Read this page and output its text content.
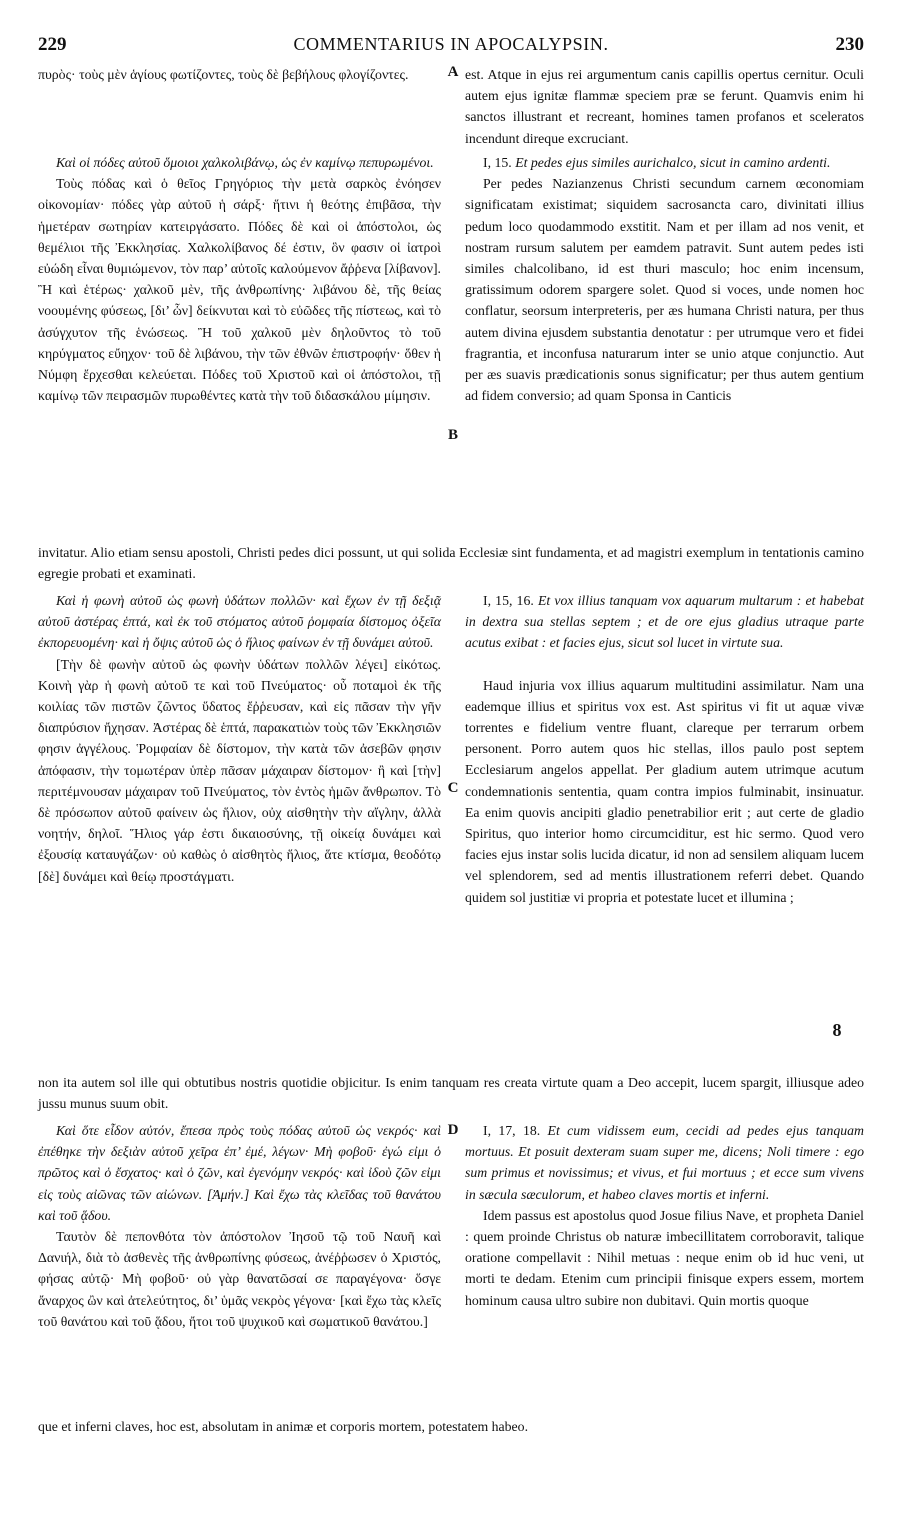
229	COMMENTARIUS IN APOCALYPSIN.	230

πυρὸς· τοὺς μὲν ἁγίους φωτίζοντες, τοὺς δὲ βεβήλους φλογίζοντες.	A est. Atque in ejus rei argumentum canis capillis opertus cernitur. Oculi autem ejus ignitæ flammæ speciem præ se ferunt. Quamvis enim hi sanctos illustrant et recreant, homines tamen profanos et sceleratos incendunt direque excruciant.

Καὶ οἱ πόδες αὐτοῦ ὅμοιοι χαλκολιβάνῳ, ὡς ἐν καμίνῳ πεπυρωμένοι.

Τοὺς πόδας καὶ ὁ θεῖος Γρηγόριος τὴν μετὰ σαρκὸς ἐνόησεν οἰκονομίαν· πόδες γὰρ αὐτοῦ ἡ σάρξ· ἥτινι ἡ θεότης ἐπιβᾶσα, τὴν ἡμετέραν σωτηρίαν κατειργάσατο. Πόδες δὲ καὶ οἱ ἀπόστολοι, ὡς θεμέλιοι τῆς Ἐκκλησίας. Χαλκολίβανος δέ ἐστιν, ὃν φασιν οἱ ἰατροὶ εὐώδη εἶναι θυμιώμενον, τὸν παρ’ αὐτοῖς καλούμενον ἄῤῥενα [λίβανον]. Ἢ καὶ ἑτέρως· χαλκοῦ μὲν, τῆς ἀνθρωπίνης· λιβάνου δὲ, τῆς θείας νοουμένης φύσεως, [δι’ ὧν] δείκνυται καὶ τὸ εὐῶδες τῆς πίστεως, καὶ τὸ ἀσύγχυτον τῆς ἑνώσεως. Ἢ τοῦ χαλκοῦ μὲν δηλοῦντος τὸ τοῦ κηρύγματος εὔηχον· τοῦ δὲ λιβάνου, τὴν τῶν ἐθνῶν ἐπιστροφήν· ὅθεν ἡ Νύμφη ἔρχεσθαι κελεύεται. Πόδες τοῦ Χριστοῦ καὶ οἱ ἀπόστολοι, τῇ καμίνῳ τῶν πειρασμῶν πυρωθέντες κατὰ τὴν τοῦ διδασκάλου μίμησιν.

B

I, 15. Et pedes ejus similes aurichalco, sicut in camino ardenti.

Per pedes Nazianzenus Christi secundum carnem œconomiam significatam existimat; siquidem sacrosancta caro, divinitati illius pedum loco quodammodo exstitit. Nam et per illam ad nos venit, et nostram rursum salutem per eamdem patravit. Sunt autem pedes isti similes chalcolibano, id est thuri masculo; hoc enim incensum, gratissimum odorem spargere solet. Quod si voces, unde nomen hoc conflatur, seorsum interpreteris, per æs humana Christi natura, per thus autem divina ejusdem substantia denotatur : per utrumque vero et fidei fragrantia, et inconfusa naturarum inter se unio atque conjunctio. Aut per æs suavis prædicationis sonus significatur; per thus autem gentium ad fidem conversio; ad quam Sponsa in Canticis

invitatur. Alio etiam sensu apostoli, Christi pedes dici possunt, ut qui solida Ecclesiæ sint fundamenta, et ad magistri exemplum in tentationis camino egregie probati et examinati.

Καὶ ἡ φωνὴ αὐτοῦ ὡς φωνὴ ὑδάτων πολλῶν· καὶ ἔχων ἐν τῇ δεξιᾷ αὐτοῦ ἀστέρας ἑπτά, καὶ ἐκ τοῦ στόματος αὐτοῦ ῥομφαία δίστομος ὀξεῖα ἐκπορευομένη· καὶ ἡ ὄψις αὐτοῦ ὡς ὁ ἥλιος φαίνων ἐν τῇ δυνάμει αὐτοῦ.

[Τὴν δὲ φωνὴν αὐτοῦ ὡς φωνὴν ὑδάτων πολλῶν λέγει] εἰκότως. Κοινὴ γὰρ ἡ φωνὴ αὐτοῦ τε καὶ τοῦ Πνεύματος· οὗ ποταμοὶ ἐκ τῆς κοιλίας τῶν πιστῶν ζῶντος ὕδατος ἔῤῥευσαν, καὶ εἰς πᾶσαν τὴν γῆν διαπρύσιον ἤχησαν. Ἀστέρας δὲ ἑπτά, παρακατιὼν τοὺς τῶν Ἐκκλησιῶν φησιν ἀγγέλους. Ῥομφαίαν δὲ δίστομον, τὴν κατὰ τῶν ἀσεβῶν φησιν ἀπόφασιν, τὴν τομωτέραν ὑπὲρ πᾶσαν μάχαιραν δίστομον· ἢ καὶ [τὴν] περιτέμνουσαν μάχαιραν τοῦ Πνεύματος, τὸν ἐντὸς ἡμῶν ἄνθρωπον. Τὸ δὲ πρόσωπον αὐτοῦ φαίνειν ὡς ἥλιον, οὐχ αἰσθητὴν τὴν αἴγλην, ἀλλὰ νοητήν, δηλοῖ. Ἥλιος γάρ ἐστι δικαιοσύνης, τῇ οἰκείᾳ δυνάμει καὶ ἐξουσίᾳ καταυγάζων· οὐ καθὼς ὁ αἰσθητὸς ἥλιος, ἅτε κτίσμα, θεοδότῳ [δὲ] δυνάμει καὶ θείῳ προστάγματι.

C

I, 15, 16. Et vox illius tanquam vox aquarum multarum : et habebat in dextra sua stellas septem ; et de ore ejus gladius utraque parte acutus exibat : et facies ejus, sicut sol lucet in virtute sua.

Haud injuria vox illius aquarum multitudini assimilatur. Nam una eademque illius et spiritus vox est. Ast spiritus vi fit ut aquæ vivæ torrentes e fidelium ventre fluant, clareque per terrarum orbem personent. Porro autem quos hic stellas, illos paulo post septem Ecclesiarum angelos appellat. Per gladium autem utrimque acutum condemnationis sententia, quam contra impios fulminabit, insinuatur. Ea enim quovis ancipiti gladio penetrabilior erit ; aut certe de gladio Spiritus, quo interior homo circumciditur, est hic sermo. Quod vero facies ejus instar solis lucida dicatur, id non ad sensilem aliquam lucem vel splendorem, sed ad mentis illustrationem referri debet. Quando quidem sol justitiæ vi propria et potestate lucet et illumina ;

non ita autem sol ille qui obtutibus nostris quotidie objicitur. Is enim tanquam res creata virtute quam a Deo accepit, lucem spargit, illiusque adeo jussu munus suum obit.

Καὶ ὅτε εἶδον αὐτόν, ἔπεσα πρὸς τοὺς πόδας αὐτοῦ ὡς νεκρός· καὶ ἐπέθηκε τὴν δεξιὰν αὐτοῦ χεῖρα ἐπ’ ἐμέ, λέγων· Μὴ φοβοῦ· ἐγώ εἰμι ὁ πρῶτος καὶ ὁ ἔσχατος· καὶ ὁ ζῶν, καὶ ἐγενόμην νεκρός· καὶ ἰδοὺ ζῶν εἰμι εἰς τοὺς αἰῶνας τῶν αἰώνων. [Ἀμήν.] Καὶ ἔχω τὰς κλεῖδας τοῦ θανάτου καὶ τοῦ ᾅδου.

Ταυτὸν δὲ πεπονθότα τὸν ἀπόστολον Ἰησοῦ τῷ τοῦ Ναυῆ καὶ Δανιήλ, διὰ τὸ ἀσθενὲς τῆς ἀνθρωπίνης φύσεως, ἀνέῤῥωσεν ὁ Χριστός, φήσας αὐτῷ· Μὴ φοβοῦ· οὐ γὰρ θανατῶσαί σε παραγέγονα· ὅσγε ἄναρχος ὢν καὶ ἀτελεύτητος, δι’ ὑμᾶς νεκρὸς γέγονα· [καὶ ἔχω τὰς κλεῖς τοῦ θανάτου καὶ τοῦ ᾅδου, ἤτοι τοῦ ψυχικοῦ καὶ σωματικοῦ θανάτου.]

D	I, 17, 18. Et cum vidissem eum, cecidi ad pedes ejus tanquam mortuus. Et posuit dexteram suam super me, dicens; Noli timere : ego sum primus et novissimus; et vivus, et fui mortuus ; et ecce sum vivens in sæcula sæculorum, et habeo claves mortis et inferni.

Idem passus est apostolus quod Josue filius Nave, et propheta Daniel : quem proinde Christus ob naturæ imbecillitatem corroboravit, talique oratione compellavit : Nihil metuas : neque enim ob id huc veni, ut morti te dedam. Etenim cum principii finisque expers essem, mortem hominum causa ultro subire non dubitavi. Quin mortis quoque

que et inferni claves, hoc est, absolutam in animæ et corporis mortem, potestatem habeo.

8
